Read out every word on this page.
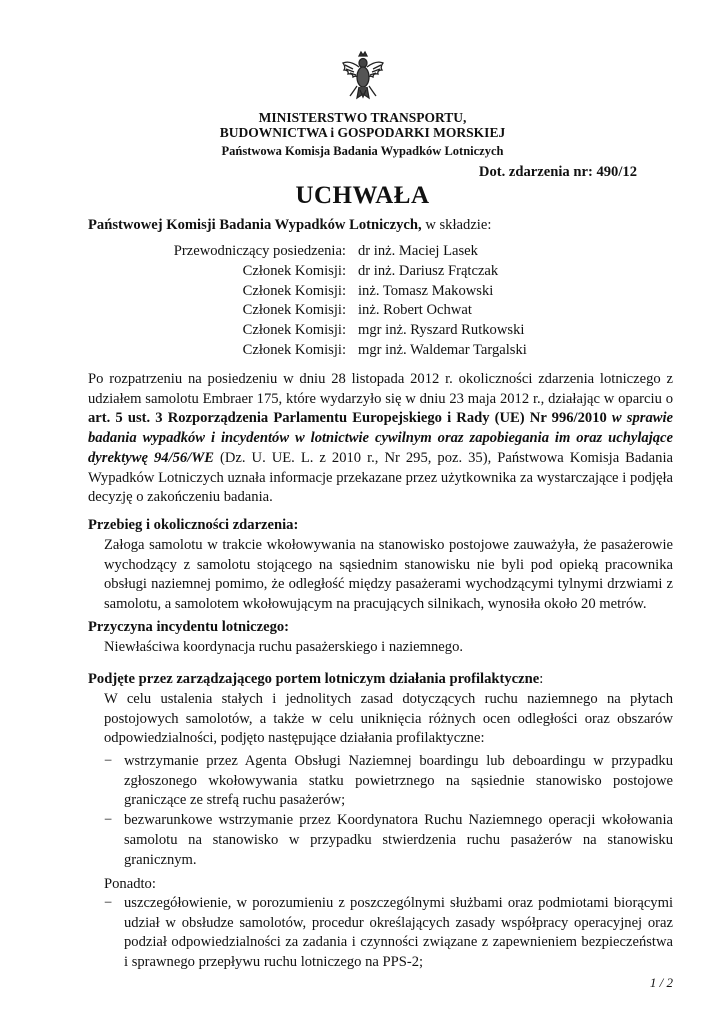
MINISTERSTWO TRANSPORTU,
BUDOWNICTWA i GOSPODARKI MORSKIEJ
Państwowa Komisja Badania Wypadków Lotniczych
Dot. zdarzenia nr: 490/12
UCHWAŁA
Państwowej Komisji Badania Wypadków Lotniczych, w składzie:
Przewodniczący posiedzenia:	dr inż. Maciej Lasek
Członek Komisji:	dr inż. Dariusz Frątczak
Członek Komisji:	inż. Tomasz Makowski
Członek Komisji:	inż. Robert Ochwat
Członek Komisji:	mgr inż. Ryszard Rutkowski
Członek Komisji:	mgr inż. Waldemar Targalski
Po rozpatrzeniu na posiedzeniu w dniu 28 listopada 2012 r. okoliczności zdarzenia lotniczego z udziałem samolotu Embraer 175, które wydarzyło się w dniu 23 maja 2012 r., działając w oparciu o art. 5 ust. 3 Rozporządzenia Parlamentu Europejskiego i Rady (UE) Nr 996/2010 w sprawie badania wypadków i incydentów w lotnictwie cywilnym oraz zapobiegania im oraz uchylające dyrektywę 94/56/WE (Dz. U. UE. L. z 2010 r., Nr 295, poz. 35), Państwowa Komisja Badania Wypadków Lotniczych uznała informacje przekazane przez użytkownika za wystarczające i podjęła decyzję o zakończeniu badania.
Przebieg i okoliczności zdarzenia:
Załoga samolotu w trakcie wkołowywania na stanowisko postojowe zauważyła, że pasażerowie wychodzący z samolotu stojącego na sąsiednim stanowisku nie byli pod opieką pracownika obsługi naziemnej pomimo, że odległość między pasażerami wychodzącymi tylnymi drzwiami z samolotu, a samolotem wkołowującym na pracujących silnikach, wynosiła około 20 metrów.
Przyczyna incydentu lotniczego:
Niewłaściwa koordynacja ruchu pasażerskiego i naziemnego.
Podjęte przez zarządzającego portem lotniczym działania profilaktyczne:
W celu ustalenia stałych i jednolitych zasad dotyczących ruchu naziemnego na płytach postojowych samolotów, a także w celu uniknięcia różnych ocen odległości oraz obszarów odpowiedzialności, podjęto następujące działania profilaktyczne:
− wstrzymanie przez Agenta Obsługi Naziemnej boardingu lub deboardingu w przypadku zgłoszonego wkołowywania statku powietrznego na sąsiednie stanowisko postojowe graniczące ze strefą ruchu pasażerów;
− bezwarunkowe wstrzymanie przez Koordynatora Ruchu Naziemnego operacji wkołowania samolotu na stanowisko w przypadku stwierdzenia ruchu pasażerów na stanowisku granicznym.
Ponadto:
− uszczegółowienie, w porozumieniu z poszczególnymi służbami oraz podmiotami biorącymi udział w obsłudze samolotów, procedur określających zasady współpracy operacyjnej oraz podział odpowiedzialności za zadania i czynności związane z zapewnieniem bezpieczeństwa i sprawnego przepływu ruchu lotniczego na PPS-2;
1 / 2
